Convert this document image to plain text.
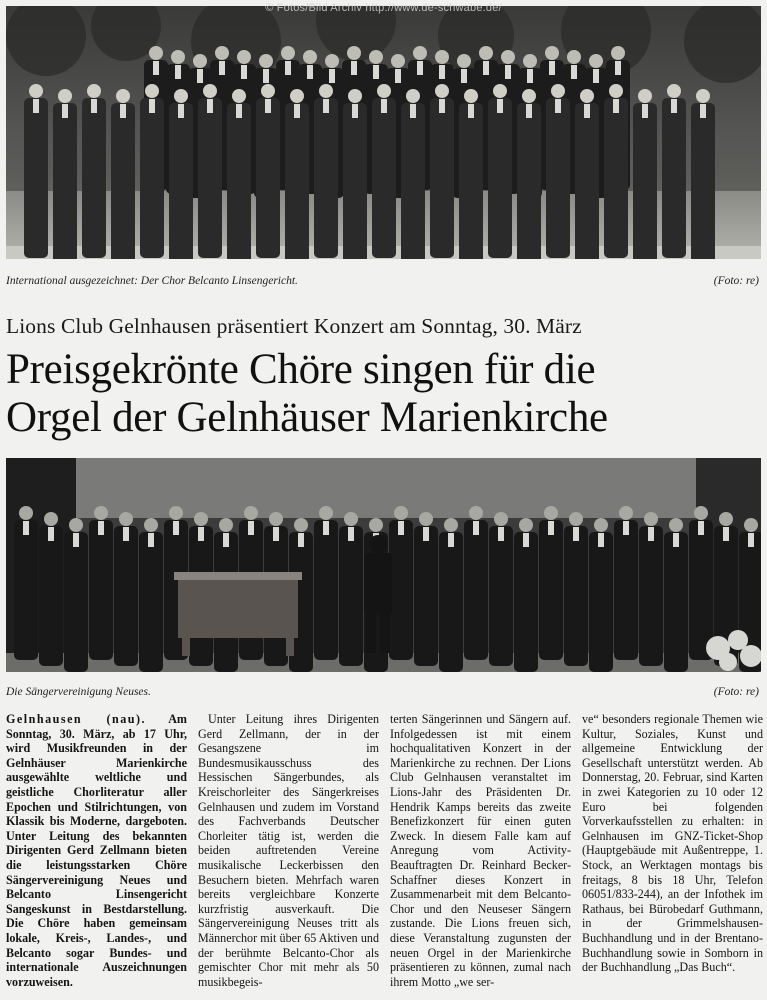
© Fotos/Bild Archiv http://www.de-schwabe.de/
International ausgezeichnet: Der Chor Belcanto Linsengericht.	(Foto: re)
Lions Club Gelnhausen präsentiert Konzert am Sonntag, 30. März
Preisgekrönte Chöre singen für die
Orgel der Gelnhäuser Marienkirche
Die Sängervereinigung Neuses.	(Foto: re)

Gelnhausen (nau). Am Sonntag, 30. März, ab 17 Uhr, wird Musikfreunden in der Gelnhäuser Marienkirche ausgewählte weltliche und geistliche Chorliteratur aller Epochen und Stilrichtungen, von Klassik bis Moderne, dargeboten. Unter Leitung des bekannten Dirigenten Gerd Zellmann bieten die leistungsstarken Chöre Sängervereinigung Neues und Belcanto Linsengericht Sangeskunst in Bestdarstellung. Die Chöre haben gemeinsam lokale, Kreis-, Landes-, und Belcanto sogar Bundes- und internationale Auszeichnungen vorzuweisen.

Unter Leitung ihres Dirigenten Gerd Zellmann, der in der Gesangszene im Bundesmusikausschuss des Hessischen Sängerbundes, als Kreischorleiter des Sängerkreises Gelnhausen und zudem im Vorstand des Fachverbands Deutscher Chorleiter tätig ist, werden die beiden auftretenden Vereine musikalische Leckerbissen den Besuchern bieten. Mehrfach waren bereits vergleichbare Konzerte kurzfristig ausverkauft. Die Sängervereinigung Neuses tritt als Männerchor mit über 65 Aktiven und der berühmte Belcanto-Chor als gemischter Chor mit mehr als 50 musikbegeis-

terten Sängerinnen und Sängern auf. Infolgedessen ist mit einem hochqualitativen Konzert in der Marienkirche zu rechnen. Der Lions Club Gelnhausen veranstaltet im Lions-Jahr des Präsidenten Dr. Hendrik Kamps bereits das zweite Benefizkonzert für einen guten Zweck. In diesem Falle kam auf Anregung vom Activity-Beauftragten Dr. Reinhard Becker-Schaffner dieses Konzert in Zusammenarbeit mit dem Belcanto-Chor und den Neuseser Sängern zustande. Die Lions freuen sich, diese Veranstaltung zugunsten der neuen Orgel in der Marienkirche präsentieren zu können, zumal nach ihrem Motto „we ser-

ve“ besonders regionale Themen wie Kultur, Soziales, Kunst und allgemeine Entwicklung der Gesellschaft unterstützt werden. Ab Donnerstag, 20. Februar, sind Karten in zwei Kategorien zu 10 oder 12 Euro bei folgenden Vorverkaufsstellen zu erhalten: in Gelnhausen im GNZ-Ticket-Shop (Hauptgebäude mit Außentreppe, 1. Stock, an Werktagen montags bis freitags, 8 bis 18 Uhr, Telefon 06051/833-244), an der Infothek im Rathaus, bei Bürobedarf Guthmann, in der Grimmelshausen-Buchhandlung und in der Brentano-Buchhandlung sowie in Somborn in der Buchhandlung „Das Buch“.
